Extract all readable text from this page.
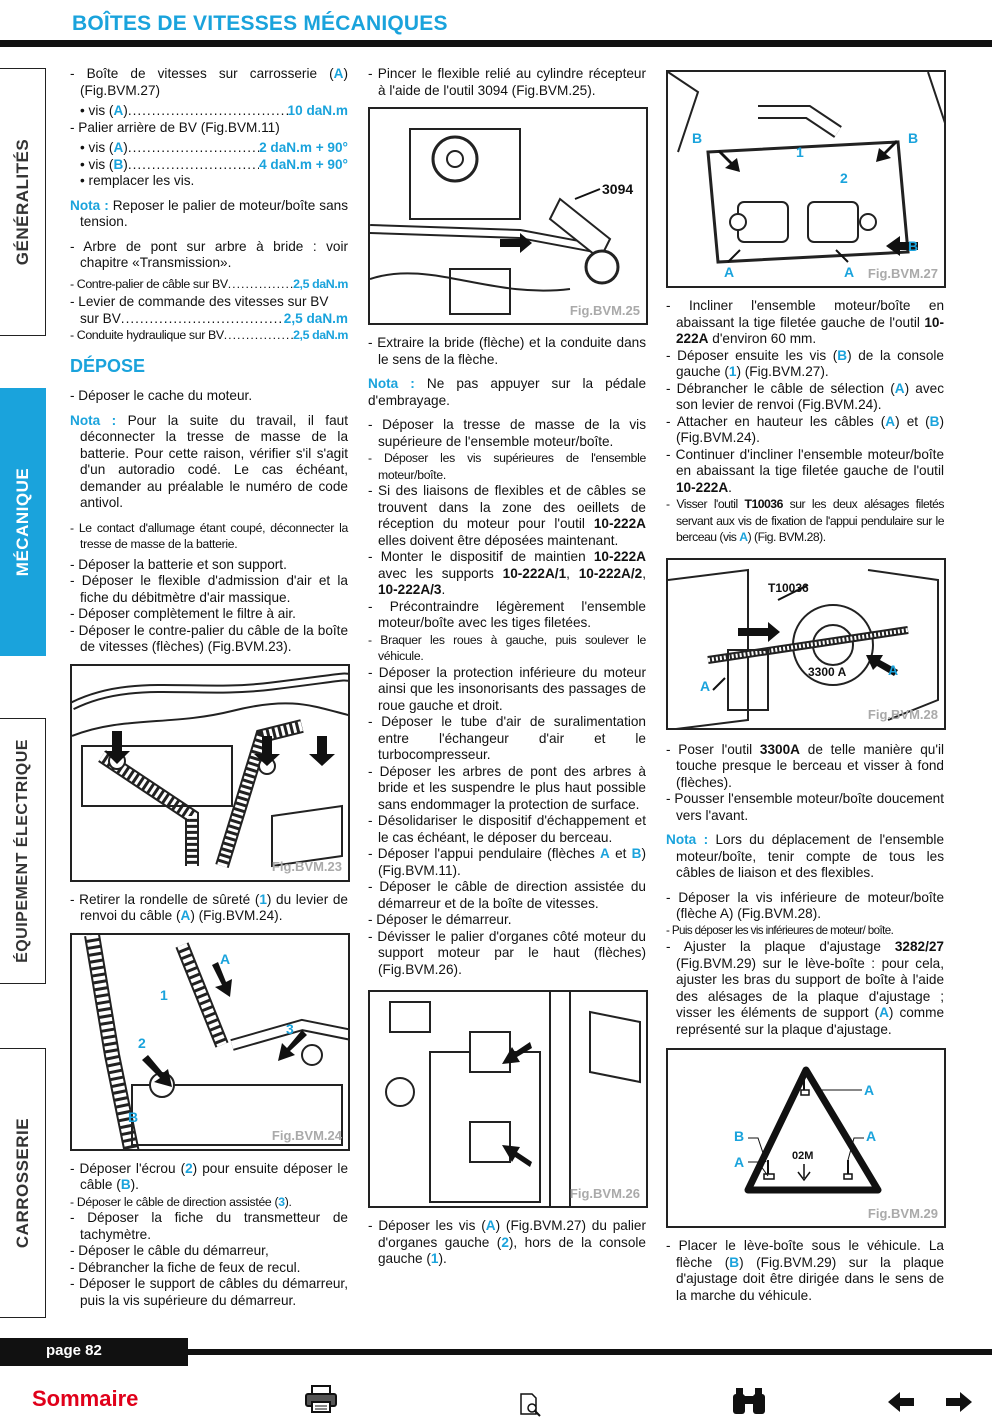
BOÎTES DE VITESSES MÉCANIQUES
GÉNÉRALITÉS
MÉCANIQUE
ÉQUIPEMENT ÉLECTRIQUE
CARROSSERIE

- Boîte de vitesses sur carrosserie (A) (Fig.BVM.27)

• vis (A) .....	10 daN.m

- Palier arrière de BV (Fig.BVM.11)

• vis (A) .....	2 daN.m + 90°
• vis (B) .....	4 daN.m + 90°

• remplacer les vis.

Nota : Reposer le palier de moteur/boîte sans tension.

- Arbre de pont sur arbre à bride : voir chapitre «Transmission».

- Contre-palier de câble sur BV .....	2,5 daN.m

- Levier de commande des vitesses sur BV

sur BV .....	2,5 daN.m
- Conduite hydraulique sur BV .....	2,5 daN.m
DÉPOSE

- Déposer le cache du moteur.

Nota : Pour la suite du travail, il faut déconnecter la tresse de masse de la batterie. Pour cette raison, vérifier s'il s'agit d'un autoradio codé. Le cas échéant, demander au préalable le numéro de code antivol.

- Le contact d'allumage étant coupé, déconnecter la tresse de masse de la batterie.

- Déposer la batterie et son support.

- Déposer le flexible d'admission d'air et la fiche du débitmètre d'air massique.

- Déposer complètement le filtre à air.

- Déposer le contre-palier du câble de la boîte de vitesses (flèches) (Fig.BVM.23).

Fig.BVM.23

- Retirer la rondelle de sûreté (1) du levier de renvoi du câble (A) (Fig.BVM.24).

A
1
2
3
B
Fig.BVM.24

- Déposer l'écrou (2) pour ensuite déposer le câble (B).

- Déposer le câble de direction assistée (3).

- Déposer la fiche du transmetteur de tachymètre.

- Déposer le câble du démarreur,

- Débrancher la fiche de feux de recul.

- Déposer le support de câbles du démarreur, puis la vis supérieure du démarreur.

- Pincer le flexible relié au cylindre récepteur à l'aide de l'outil 3094 (Fig.BVM.25).

3094
Fig.BVM.25

- Extraire la bride (flèche) et la conduite dans le sens de la flèche.

Nota : Ne pas appuyer sur la pédale d'embrayage.

- Déposer la tresse de masse de la vis supérieure de l'ensemble moteur/boîte.

- Déposer les vis supérieures de l'ensemble moteur/boîte.

- Si des liaisons de flexibles et de câbles se trouvent dans la zone des oeillets de réception du moteur pour l'outil 10-222A elles doivent être déposées maintenant.

- Monter le dispositif de maintien 10-222A avec les supports 10-222A/1, 10-222A/2, 10-222A/3.

- Précontraindre légèrement l'ensemble moteur/boîte avec les tiges filetées.

- Braquer les roues à gauche, puis soulever le véhicule.

- Déposer la protection inférieure du moteur ainsi que les insonorisants des passages de roue gauche et droit.

- Déposer le tube d'air de suralimentation entre l'échangeur d'air et le turbocompresseur.

- Déposer les arbres de pont des arbres à bride et les suspendre le plus haut possible sans endommager la protection de surface.

- Désolidariser le dispositif d'échappement et le cas échéant, le déposer du berceau.

- Déposer l'appui pendulaire (flèches A et B) (Fig.BVM.11).

- Déposer le câble de direction assistée du démarreur et de la boîte de vitesses.

- Déposer le démarreur.

- Dévisser le palier d'organes côté moteur du support moteur par le haut (flèches) (Fig.BVM.26).

Fig.BVM.26

- Déposer les vis (A) (Fig.BVM.27) du palier d'organes gauche (2), hors de la console gauche (1).

B	B
B
1
2
A	A Fig.BVM.27

- Incliner l'ensemble moteur/boîte en abaissant la tige filetée gauche de l'outil 10-222A d'environ 60 mm.

- Déposer ensuite les vis (B) de la console gauche (1) (Fig.BVM.27).

- Débrancher le câble de sélection (A) avec son levier de renvoi (Fig.BVM.24).

- Attacher en hauteur les câbles (A) et (B) (Fig.BVM.24).

- Continuer d'incliner l'ensemble moteur/boîte en abaissant la tige filetée gauche de l'outil 10-222A.

- Visser l'outil T10036 sur les deux alésages filetés servant aux vis de fixation de l'appui pendulaire sur le berceau (vis A) (Fig. BVM.28).

T10036
3300 A
A
A
Fig.BVM.28

- Poser l'outil 3300A de telle manière qu'il touche presque le berceau et visser à fond (flèches).

- Pousser l'ensemble moteur/boîte doucement vers l'avant.

Nota : Lors du déplacement de l'ensemble moteur/boîte, tenir compte de tous les câbles de liaison et des flexibles.

- Déposer la vis inférieure de moteur/boîte (flèche A) (Fig.BVM.28).

- Puis déposer les vis inférieures de moteur/ boîte.

- Ajuster la plaque d'ajustage 3282/27 (Fig.BVM.29) sur le lève-boîte : pour cela, ajuster les bras du support de boîte à l'aide des alésages de la plaque d'ajustage ; visser les éléments de support (A) comme représenté sur la plaque d'ajustage.

A
A
B
A	02M
Fig.BVM.29

- Placer le lève-boîte sous le véhicule. La flèche (B) (Fig.BVM.29) sur la plaque d'ajustage doit être dirigée dans le sens de la marche du véhicule.

page 82
Sommaire
